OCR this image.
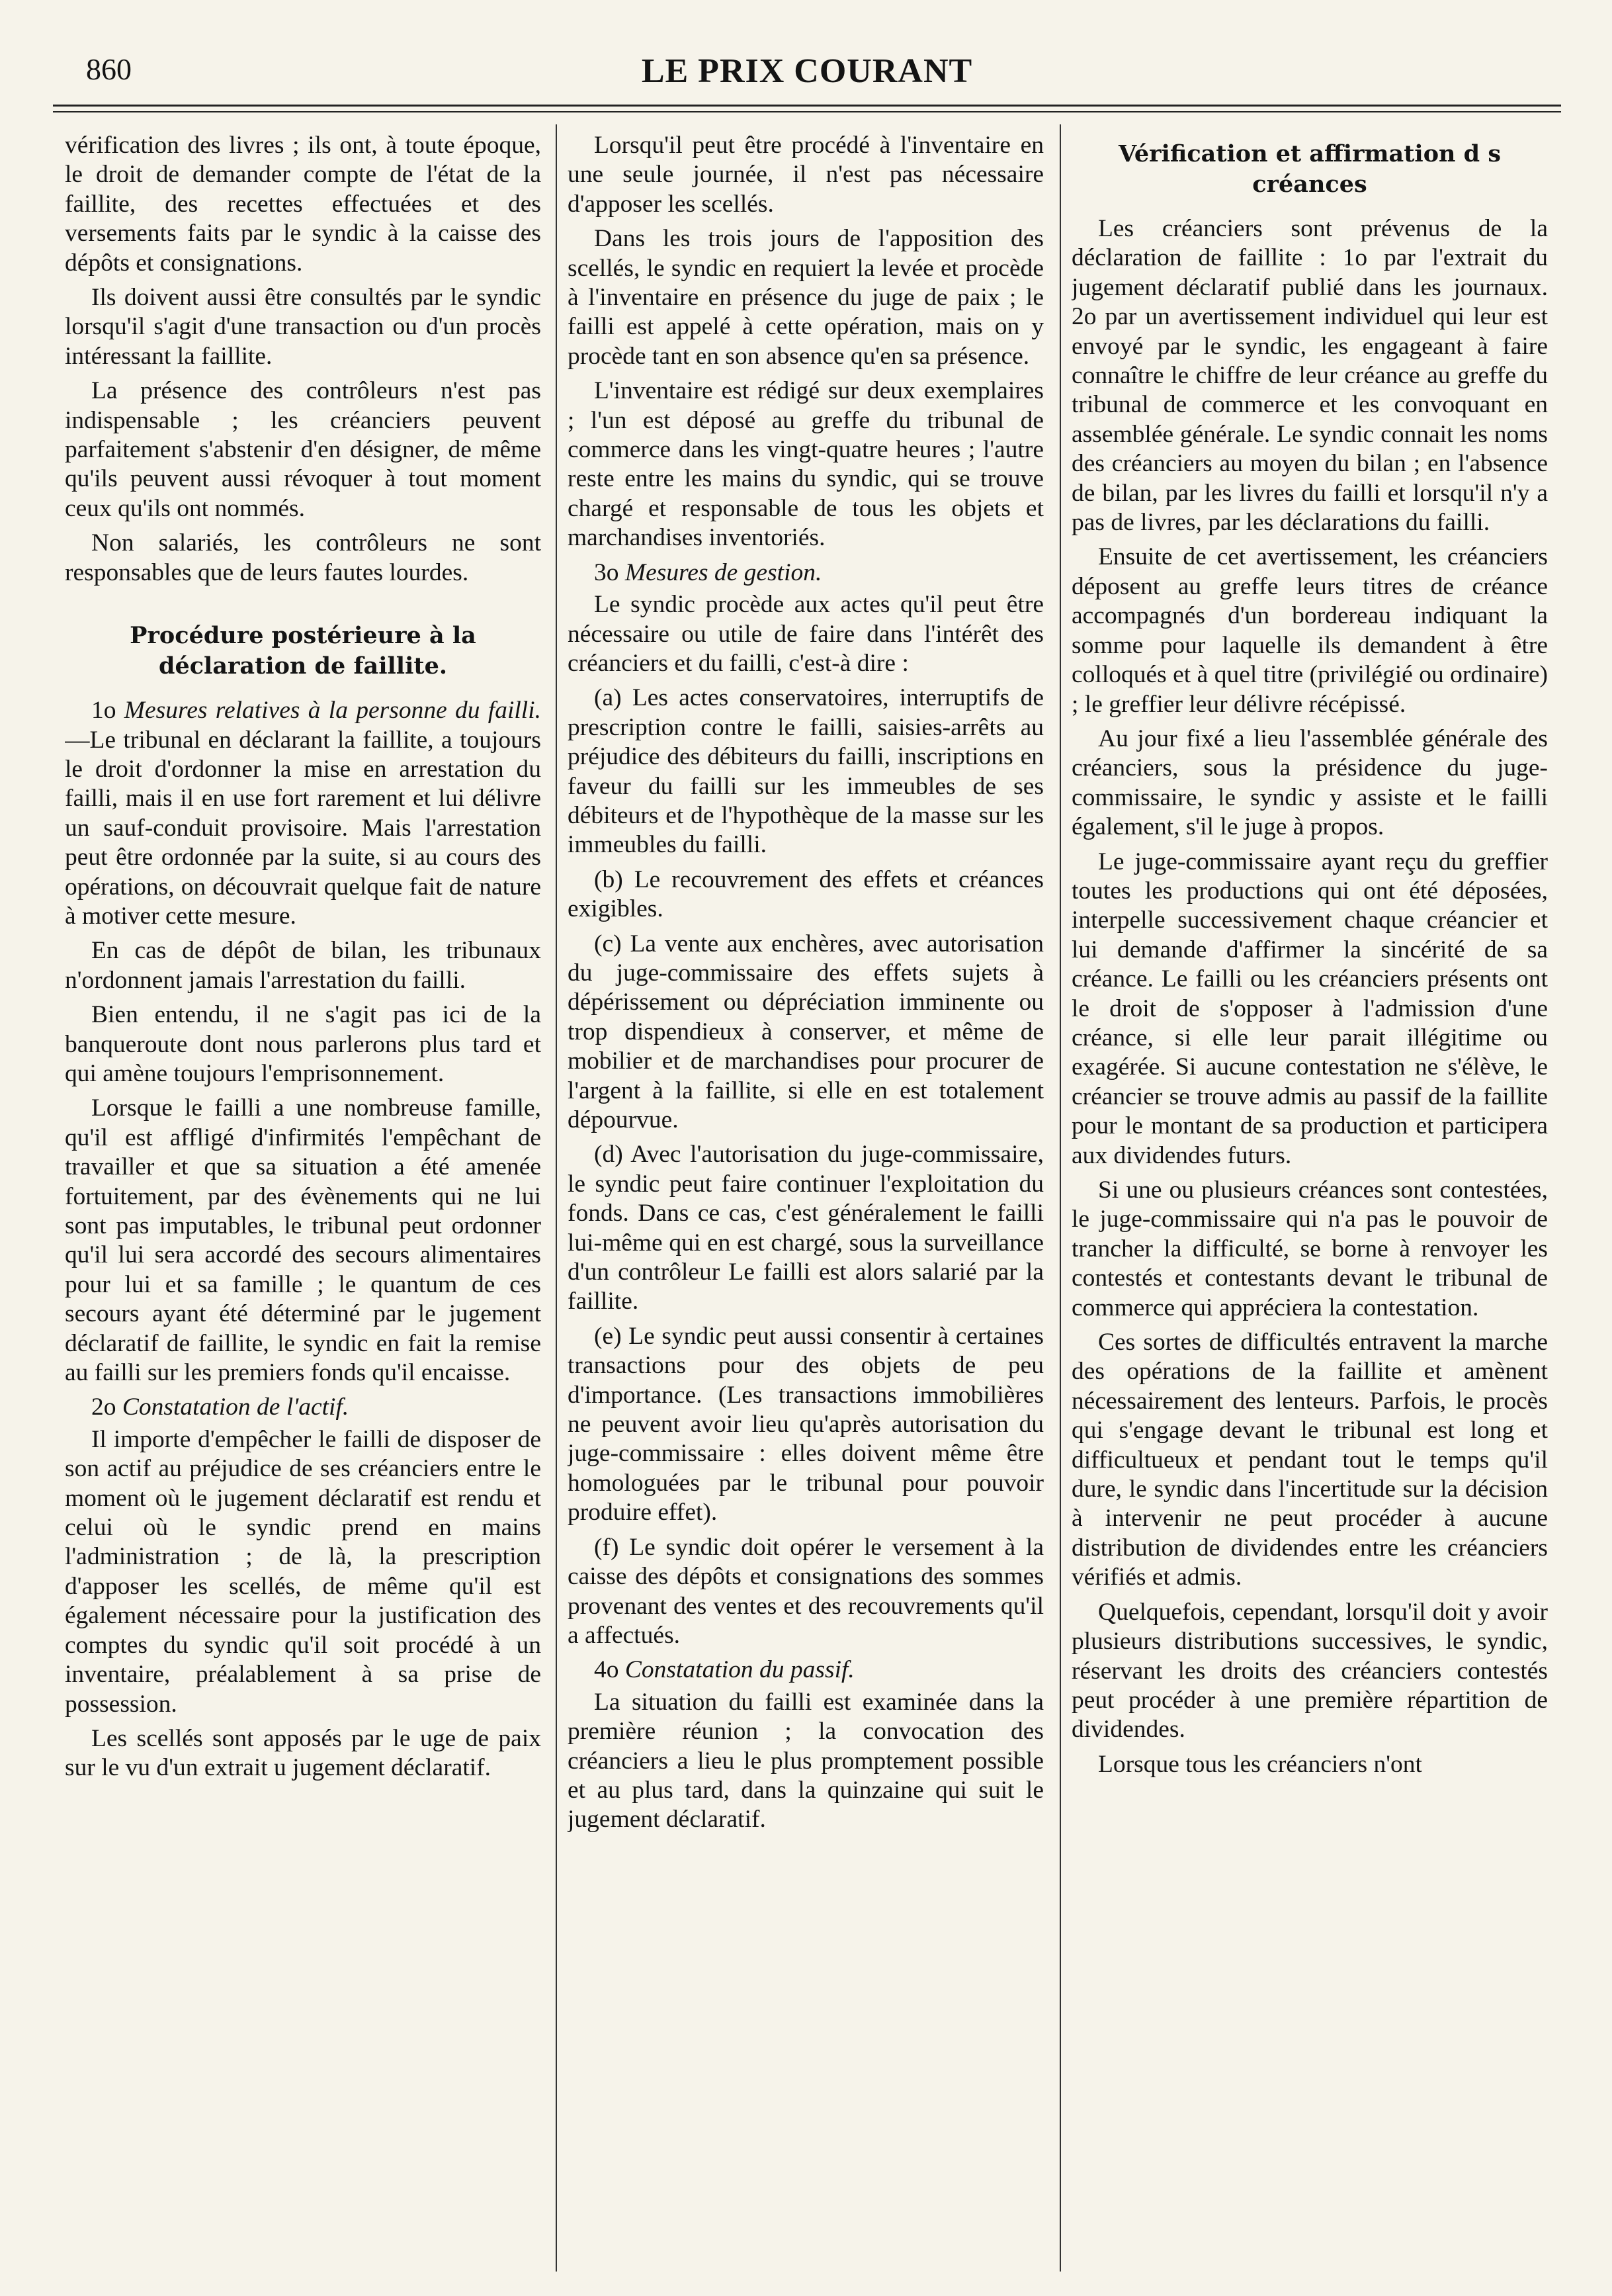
860	LE PRIX COURANT

vérification des livres ; ils ont, à toute époque, le droit de demander compte de l'état de la faillite, des recettes effectuées et des versements faits par le syndic à la caisse des dépôts et consignations.

Ils doivent aussi être consultés par le syndic lorsqu'il s'agit d'une transaction ou d'un procès intéressant la faillite.

La présence des contrôleurs n'est pas indispensable ; les créanciers peuvent parfaitement s'abstenir d'en désigner, de même qu'ils peuvent aussi révoquer à tout moment ceux qu'ils ont nommés.

Non salariés, les contrôleurs ne sont responsables que de leurs fautes lourdes.

Procédure postérieure à la déclaration de faillite.

1o Mesures relatives à la personne du failli.—Le tribunal en déclarant la faillite, a toujours le droit d'ordonner la mise en arrestation du failli, mais il en use fort rarement et lui délivre un sauf-conduit provisoire. Mais l'arrestation peut être ordonnée par la suite, si au cours des opérations, on découvrait quelque fait de nature à motiver cette mesure.

En cas de dépôt de bilan, les tribunaux n'ordonnent jamais l'arrestation du failli.

Bien entendu, il ne s'agit pas ici de la banqueroute dont nous parlerons plus tard et qui amène toujours l'emprisonnement.

Lorsque le failli a une nombreuse famille, qu'il est affligé d'infirmités l'empêchant de travailler et que sa situation a été amenée fortuitement, par des évènements qui ne lui sont pas imputables, le tribunal peut ordonner qu'il lui sera accordé des secours alimentaires pour lui et sa famille ; le quantum de ces secours ayant été déterminé par le jugement déclaratif de faillite, le syndic en fait la remise au failli sur les premiers fonds qu'il encaisse.

2o Constatation de l'actif.

Il importe d'empêcher le failli de disposer de son actif au préjudice de ses créanciers entre le moment où le jugement déclaratif est rendu et celui où le syndic prend en mains l'administration ; de là, la prescription d'apposer les scellés, de même qu'il est également nécessaire pour la justification des comptes du syndic qu'il soit procédé à un inventaire, préalablement à sa prise de possession.

Les scellés sont apposés par le uge de paix sur le vu d'un extrait u jugement déclaratif.

Lorsqu'il peut être procédé à l'inventaire en une seule journée, il n'est pas nécessaire d'apposer les scellés.

Dans les trois jours de l'apposition des scellés, le syndic en requiert la levée et procède à l'inventaire en présence du juge de paix ; le failli est appelé à cette opération, mais on y procède tant en son absence qu'en sa présence.

L'inventaire est rédigé sur deux exemplaires ; l'un est déposé au greffe du tribunal de commerce dans les vingt-quatre heures ; l'autre reste entre les mains du syndic, qui se trouve chargé et responsable de tous les objets et marchandises inventoriés.

3o Mesures de gestion.

Le syndic procède aux actes qu'il peut être nécessaire ou utile de faire dans l'intérêt des créanciers et du failli, c'est-à dire :

(a) Les actes conservatoires, interruptifs de prescription contre le failli, saisies-arrêts au préjudice des débiteurs du failli, inscriptions en faveur du failli sur les immeubles de ses débiteurs et de l'hypothèque de la masse sur les immeubles du failli.

(b) Le recouvrement des effets et créances exigibles.

(c) La vente aux enchères, avec autorisation du juge-commissaire des effets sujets à dépérissement ou dépréciation imminente ou trop dispendieux à conserver, et même de mobilier et de marchandises pour procurer de l'argent à la faillite, si elle en est totalement dépourvue.

(d) Avec l'autorisation du juge-commissaire, le syndic peut faire continuer l'exploitation du fonds. Dans ce cas, c'est généralement le failli lui-même qui en est chargé, sous la surveillance d'un contrôleur Le failli est alors salarié par la faillite.

(e) Le syndic peut aussi consentir à certaines transactions pour des objets de peu d'importance. (Les transactions immobilières ne peuvent avoir lieu qu'après autorisation du juge-commissaire : elles doivent même être homologuées par le tribunal pour pouvoir produire effet).

(f) Le syndic doit opérer le versement à la caisse des dépôts et consignations des sommes provenant des ventes et des recouvrements qu'il a affectués.

4o Constatation du passif.

La situation du failli est examinée dans la première réunion ; la convocation des créanciers a lieu le plus promptement possible et au plus tard, dans la quinzaine qui suit le jugement déclaratif.

Vérification et affirmation d s créances

Les créanciers sont prévenus de la déclaration de faillite : 1o par l'extrait du jugement déclaratif publié dans les journaux. 2o par un avertissement individuel qui leur est envoyé par le syndic, les engageant à faire connaître le chiffre de leur créance au greffe du tribunal de commerce et les convoquant en assemblée générale. Le syndic connait les noms des créanciers au moyen du bilan ; en l'absence de bilan, par les livres du failli et lorsqu'il n'y a pas de livres, par les déclarations du failli.

Ensuite de cet avertissement, les créanciers déposent au greffe leurs titres de créance accompagnés d'un bordereau indiquant la somme pour laquelle ils demandent à être colloqués et à quel titre (privilégié ou ordinaire) ; le greffier leur délivre récépissé.

Au jour fixé a lieu l'assemblée générale des créanciers, sous la présidence du juge-commissaire, le syndic y assiste et le failli également, s'il le juge à propos.

Le juge-commissaire ayant reçu du greffier toutes les productions qui ont été déposées, interpelle successivement chaque créancier et lui demande d'affirmer la sincérité de sa créance. Le failli ou les créanciers présents ont le droit de s'opposer à l'admission d'une créance, si elle leur parait illégitime ou exagérée. Si aucune contestation ne s'élève, le créancier se trouve admis au passif de la faillite pour le montant de sa production et participera aux dividendes futurs.

Si une ou plusieurs créances sont contestées, le juge-commissaire qui n'a pas le pouvoir de trancher la difficulté, se borne à renvoyer les contestés et contestants devant le tribunal de commerce qui appréciera la contestation.

Ces sortes de difficultés entravent la marche des opérations de la faillite et amènent nécessairement des lenteurs. Parfois, le procès qui s'engage devant le tribunal est long et difficultueux et pendant tout le temps qu'il dure, le syndic dans l'incertitude sur la décision à intervenir ne peut procéder à aucune distribution de dividendes entre les créanciers vérifiés et admis.

Quelquefois, cependant, lorsqu'il doit y avoir plusieurs distributions successives, le syndic, réservant les droits des créanciers contestés peut procéder à une première répartition de dividendes.

Lorsque tous les créanciers n'ont
